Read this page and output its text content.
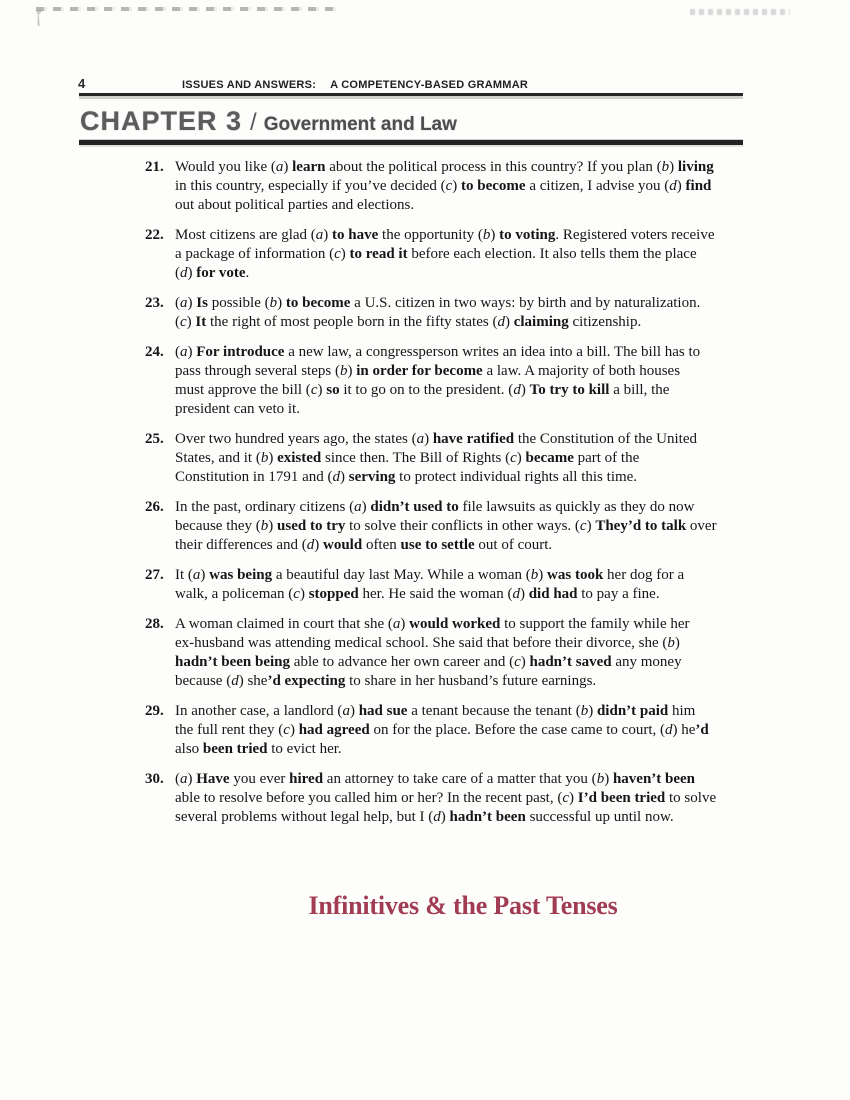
4	ISSUES AND ANSWERS: A COMPETENCY-BASED GRAMMAR
CHAPTER 3 / Government and Law
21. Would you like (a) learn about the political process in this country? If you plan (b) living
in this country, especially if you’ve decided (c) to become a citizen, I advise you (d) find
out about political parties and elections.
22. Most citizens are glad (a) to have the opportunity (b) to voting. Registered voters receive
a package of information (c) to read it before each election. It also tells them the place
(d) for vote.
23. (a) Is possible (b) to become a U.S. citizen in two ways: by birth and by naturalization.
(c) It the right of most people born in the fifty states (d) claiming citizenship.
24. (a) For introduce a new law, a congressperson writes an idea into a bill. The bill has to
pass through several steps (b) in order for become a law. A majority of both houses
must approve the bill (c) so it to go on to the president. (d) To try to kill a bill, the
president can veto it.
25. Over two hundred years ago, the states (a) have ratified the Constitution of the United
States, and it (b) existed since then. The Bill of Rights (c) became part of the
Constitution in 1791 and (d) serving to protect individual rights all this time.
26. In the past, ordinary citizens (a) didn’t used to file lawsuits as quickly as they do now
because they (b) used to try to solve their conflicts in other ways. (c) They’d to talk over
their differences and (d) would often use to settle out of court.
27. It (a) was being a beautiful day last May. While a woman (b) was took her dog for a
walk, a policeman (c) stopped her. He said the woman (d) did had to pay a fine.
28. A woman claimed in court that she (a) would worked to support the family while her
ex-husband was attending medical school. She said that before their divorce, she (b)
hadn’t been being able to advance her own career and (c) hadn’t saved any money
because (d) she’d expecting to share in her husband’s future earnings.
29. In another case, a landlord (a) had sue a tenant because the tenant (b) didn’t paid him
the full rent they (c) had agreed on for the place. Before the case came to court, (d) he’d
also been tried to evict her.
30. (a) Have you ever hired an attorney to take care of a matter that you (b) haven’t been
able to resolve before you called him or her? In the recent past, (c) I’d been tried to solve
several problems without legal help, but I (d) hadn’t been successful up until now.
Infinitives & the Past Tenses
